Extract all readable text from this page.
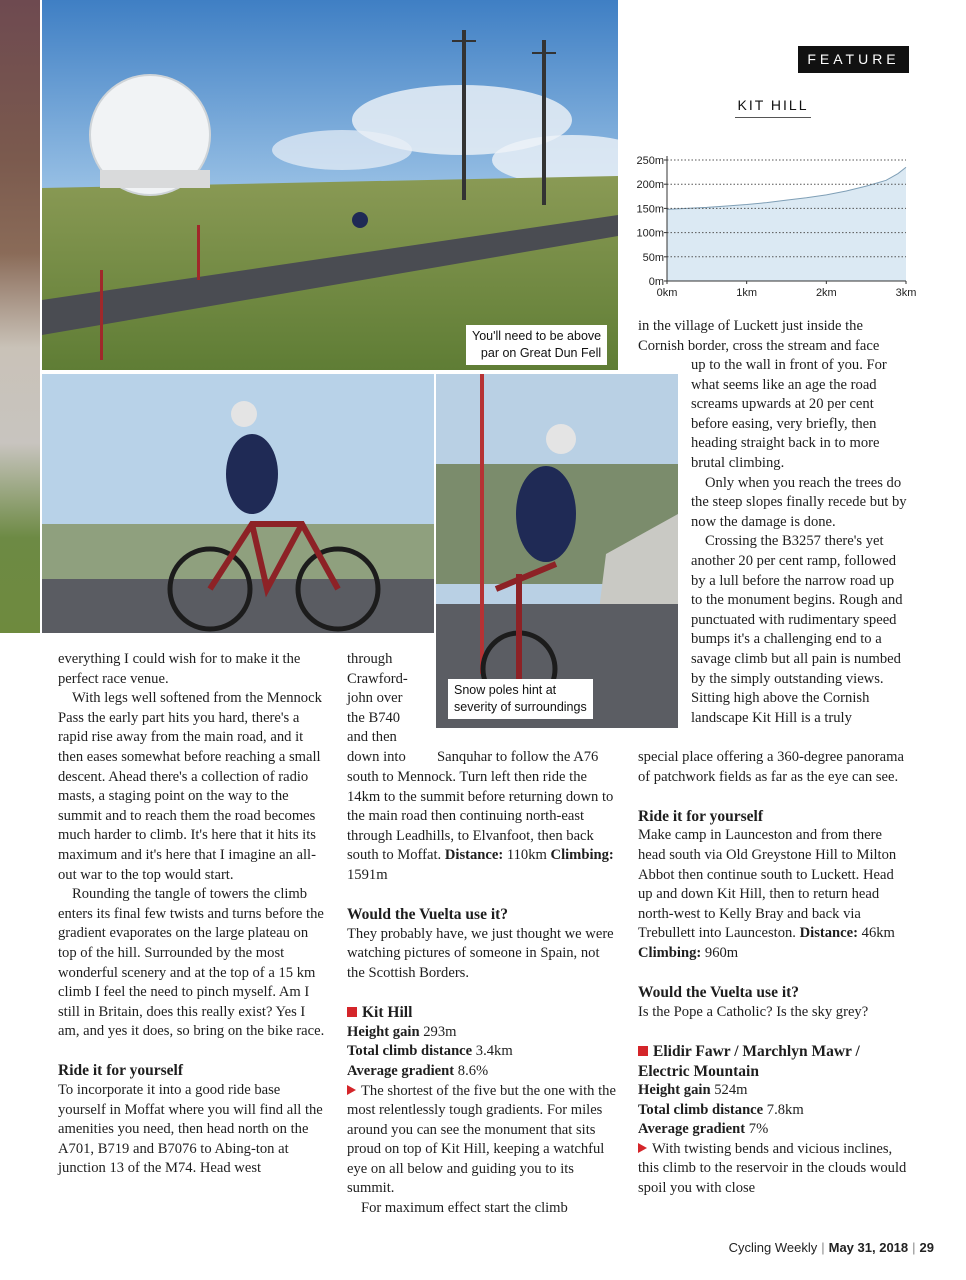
You'll need to be above
par on Great Dun Fell
Snow poles hint at
severity of surroundings
FEATURE
KIT HILL
250m
200m
150m
100m
50m
0m
0km	1km	2km	3km

everything I could wish for to make it the perfect race venue.

With legs well softened from the Mennock Pass the early part hits you hard, there's a rapid rise away from the main road, and it then eases somewhat before reaching a small descent. Ahead there's a collection of radio masts, a staging point on the way to the summit and to reach them the road becomes much harder to climb. It's here that it hits its maximum and it's here that I imagine an all-out war to the top would start.

Rounding the tangle of towers the climb enters its final few twists and turns before the gradient evaporates on the large plateau on top of the hill. Surrounded by the most wonderful scenery and at the top of a 15 km climb I feel the need to pinch myself. Am I still in Britain, does this really exist? Yes I am, and yes it does, so bring on the bike race.

Ride it for yourself

To incorporate it into a good ride base yourself in Moffat where you will find all the amenities you need, then head north on the A701, B719 and B7076 to Abing-ton at junction 13 of the M74. Head west

through

Crawford-

john over

the B740

and then

down into	Sanquhar to follow the A76

south to Mennock. Turn left then ride the 14km to the summit before returning down to the main road then continuing north-east through Leadhills, to Elvanfoot, then back south to Moffat. Distance: 110km Climbing: 1591m

Would the Vuelta use it?

They probably have, we just thought we were watching pictures of someone in Spain, not the Scottish Borders.

Kit Hill

Height gain 293m

Total climb distance 3.4km

Average gradient 8.6%

The shortest of the five but the one with the most relentlessly tough gradients. For miles around you can see the monument that sits proud on top of Kit Hill, keeping a watchful eye on all below and guiding you to its summit.

For maximum effect start the climb

in the village of Luckett just inside the

Cornish border, cross the stream and face

up to the wall in front of you. For what seems like an age the road screams upwards at 20 per cent before easing, very briefly, then heading straight back in to more brutal climbing.

Only when you reach the trees do the steep slopes finally recede but by now the damage is done.

Crossing the B3257 there's yet another 20 per cent ramp, followed by a lull before the narrow road up to the monument begins. Rough and punctuated with rudimentary speed bumps it's a challenging end to a savage climb but all pain is numbed by the simply outstanding views. Sitting high above the Cornish landscape Kit Hill is a truly

special place offering a 360-degree panorama of patchwork fields as far as the eye can see.

Ride it for yourself

Make camp in Launceston and from there head south via Old Greystone Hill to Milton Abbot then continue south to Luckett. Head up and down Kit Hill, then to return head north-west to Kelly Bray and back via Trebullett into Launceston. Distance: 46km Climbing: 960m

Would the Vuelta use it?

Is the Pope a Catholic? Is the sky grey?

Elidir Fawr / Marchlyn Mawr / Electric Mountain

Height gain 524m

Total climb distance 7.8km

Average gradient 7%

With twisting bends and vicious inclines, this climb to the reservoir in the clouds would spoil you with close

Cycling Weekly | May 31, 2018 | 29
